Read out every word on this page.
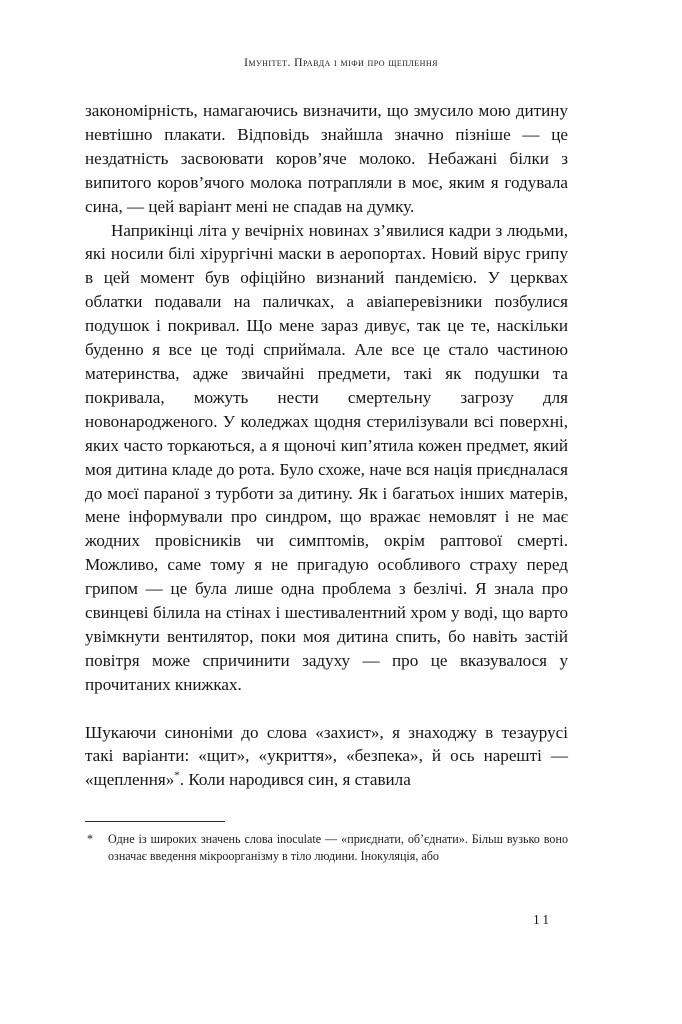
Імунітет. Правда і міфи про щеплення

закономірність, намагаючись визначити, що змусило мою дитину невтішно плакати. Відповідь знайшла значно пізніше — це нездатність засвоювати коров’яче молоко. Небажані білки з випитого коров’ячого молока потрапляли в моє, яким я годувала сина, — цей варіант мені не спадав на думку.

Наприкінці літа у вечірніх новинах з’явилися кадри з людьми, які носили білі хірургічні маски в аеропортах. Новий вірус грипу в цей момент був офіційно визнаний пандемією. У церквах облатки подавали на паличках, а авіаперевізники позбулися подушок і покривал. Що мене зараз дивує, так це те, наскільки буденно я все це тоді сприймала. Але все це стало частиною материнства, адже звичайні предмети, такі як подушки та покривала, можуть нести смертельну загрозу для новонародженого. У коледжах щодня стерилізували всі поверхні, яких часто торкаються, а я щоночі кип’ятила кожен предмет, який моя дитина кладе до рота. Було схоже, наче вся нація приєдналася до моєї параної з турботи за дитину. Як і багатьох інших матерів, мене інформували про синдром, що вражає немовлят і не має жодних провісників чи симптомів, окрім раптової смерті. Можливо, саме тому я не пригадую особливого страху перед грипом — це була лише одна проблема з безлічі. Я знала про свинцеві білила на стінах і шестивалентний хром у воді, що варто увімкнути вентилятор, поки моя дитина спить, бо навіть застій повітря може спричинити задуху — про це вказувалося у прочитаних книжках.

Шукаючи синоніми до слова «захист», я знаходжу в тезаурусі такі варіанти: «щит», «укриття», «безпека», й ось нарешті — «щеплення»*. Коли народився син, я ставила

*	Одне із широких значень слова inoculate — «приєднати, об’єднати». Більш вузько воно означає введення мікроорганізму в тіло людини. Інокуляція, або

11
